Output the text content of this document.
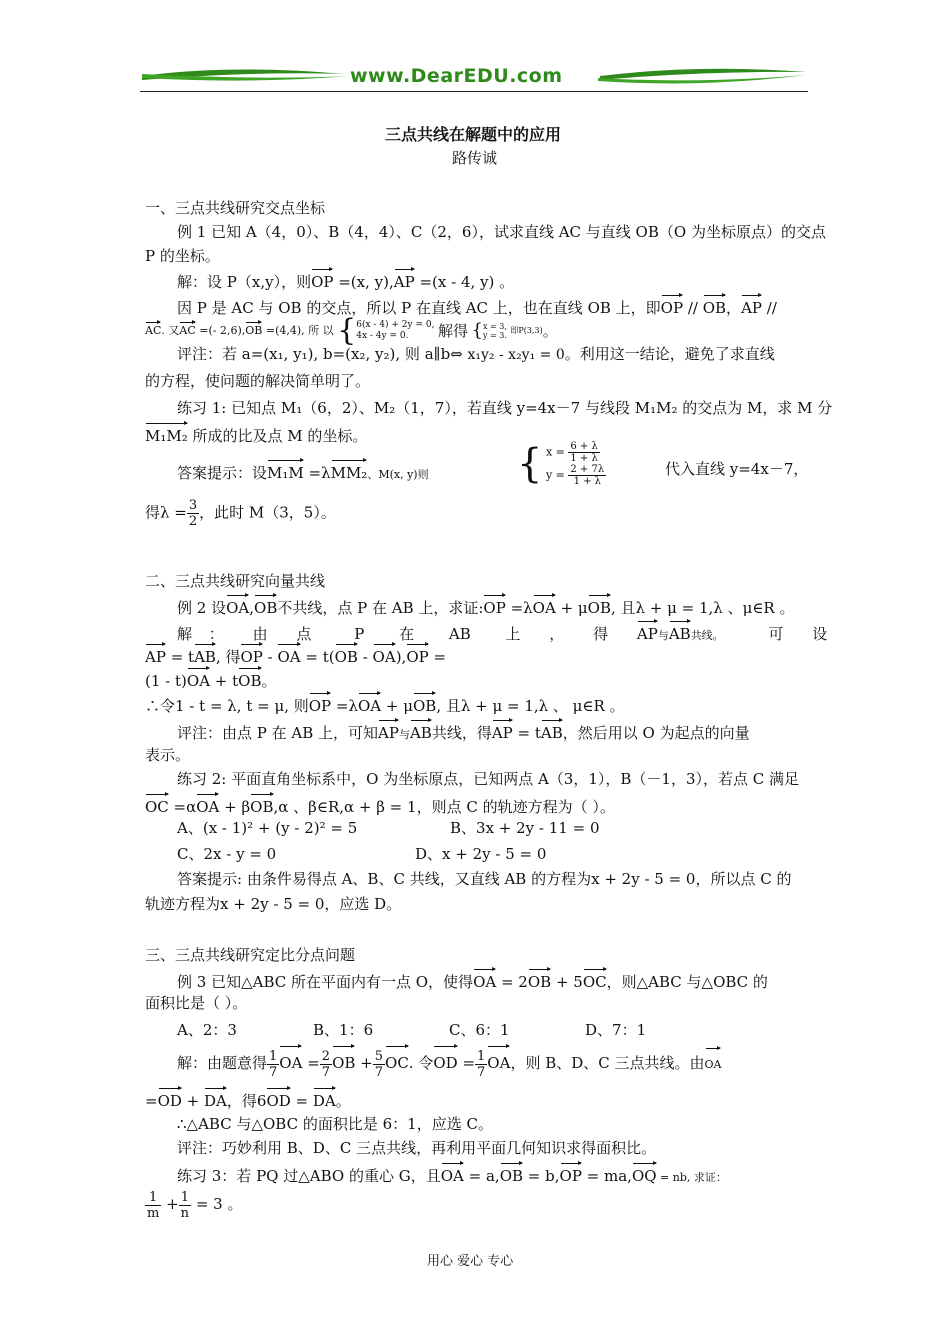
www.DearEDU.com
三点共线在解题中的应用
路传诚
一、三点共线研究交点坐标
例 1 已知 A（4，0）、B（4，4）、C（2，6），试求直线 AC 与直线 OB（O 为坐标原点）的交点
P 的坐标。
解：设 P（x,y），则OP =(x, y),AP =(x - 4, y) 。
因 P 是 AC 与 OB 的交点，所以 P 在直线 AC 上，也在直线 OB 上，即OP // OB，AP //
AC. 又AC =(- 2,6),OB =(4,4), 所 以 { 6(x - 4) + 2y = 0,
4x - 4y = 0.	解得 { x = 3,
y = 3.
即P(3,3)。
评注：若 a=(x₁, y₁), b=(x₂, y₂), 则 a∥b⇔ x₁y₂ - x₂y₁ = 0。利用这一结论，避免了求直线
的方程，使问题的解决简单明了。
练习 1: 已知点 M₁（6，2）、M₂（1，7），若直线 y=4x－7 与线段 M₁M₂ 的交点为 M，求 M 分
M₁M₂ 所成的比及点 M 的坐标。
答案提示：设M₁M =λMM₂、M(x, y)则 { $x = \frac{6 + \lambda}{1 + \lambda}$
$y = \frac{2 + 7\lambda}{1 + \lambda}$	代入直线 y=4x－7，
得$\lambda = \frac{3}{2}$ ，此时 M（3，5）。
二、三点共线研究向量共线
例 2 设OA,OB不共线，点 P 在 AB 上，求证:OP =λOA + μOB, 且λ + μ = 1,λ 、μ∈R 。
解 ： 由 点	P 在 AB 上 ， 得 AP与AB共线。	可 设
AP = tAB, 得OP - OA = t(OB - OA),OP =
(1 - t)OA + tOB。
∴令1 - t = λ, t = μ, 则OP =λOA + μOB, 且λ + μ = 1,λ 、 μ∈R 。
评注：由点 P 在 AB 上，可知AP与AB共线，得AP = tAB，然后用以 O 为起点的向量
表示。
练习 2: 平面直角坐标系中，O 为坐标原点，已知两点 A（3，1），B（－1，3），若点 C 满足
OC =αOA + βOB,α 、β∈R,α + β = 1，则点 C 的轨迹方程为（ ）。
A、(x - 1)² + (y - 2)² = 5	B、3x + 2y - 11 = 0
C、2x - y = 0	D、x + 2y - 5 = 0
答案提示: 由条件易得点 A、B、C 共线，又直线 AB 的方程为x + 2y - 5 = 0，所以点 C 的
轨迹方程为x + 2y - 5 = 0，应选 D。
三、三点共线研究定比分点问题
例 3 已知△ABC 所在平面内有一点 O，使得OA = 2OB + 5OC，则△ABC 与△OBC 的
面积比是（ ）。
A、2：3	B、1：6	C、6：1	D、7：1
解：由题意得 $\frac{1}{7}$ OA = $\frac{2}{7}$ OB + $\frac{5}{7}$ OC. 令OD = $\frac{1}{7}$ OA，则 B、D、C 三点共线。由OA
=OD + DA，得6OD = DA。
∴△ABC 与△OBC 的面积比是 6：1，应选 C。
评注：巧妙利用 B、D、C 三点共线，再利用平面几何知识求得面积比。
练习 3：若 PQ 过△ABO 的重心 G，且OA = a,OB = b,OP = ma,OQ = nb, 求证：
$\frac{1}{m} + \frac{1}{n} = 3$ 。
用心 爱心 专心
